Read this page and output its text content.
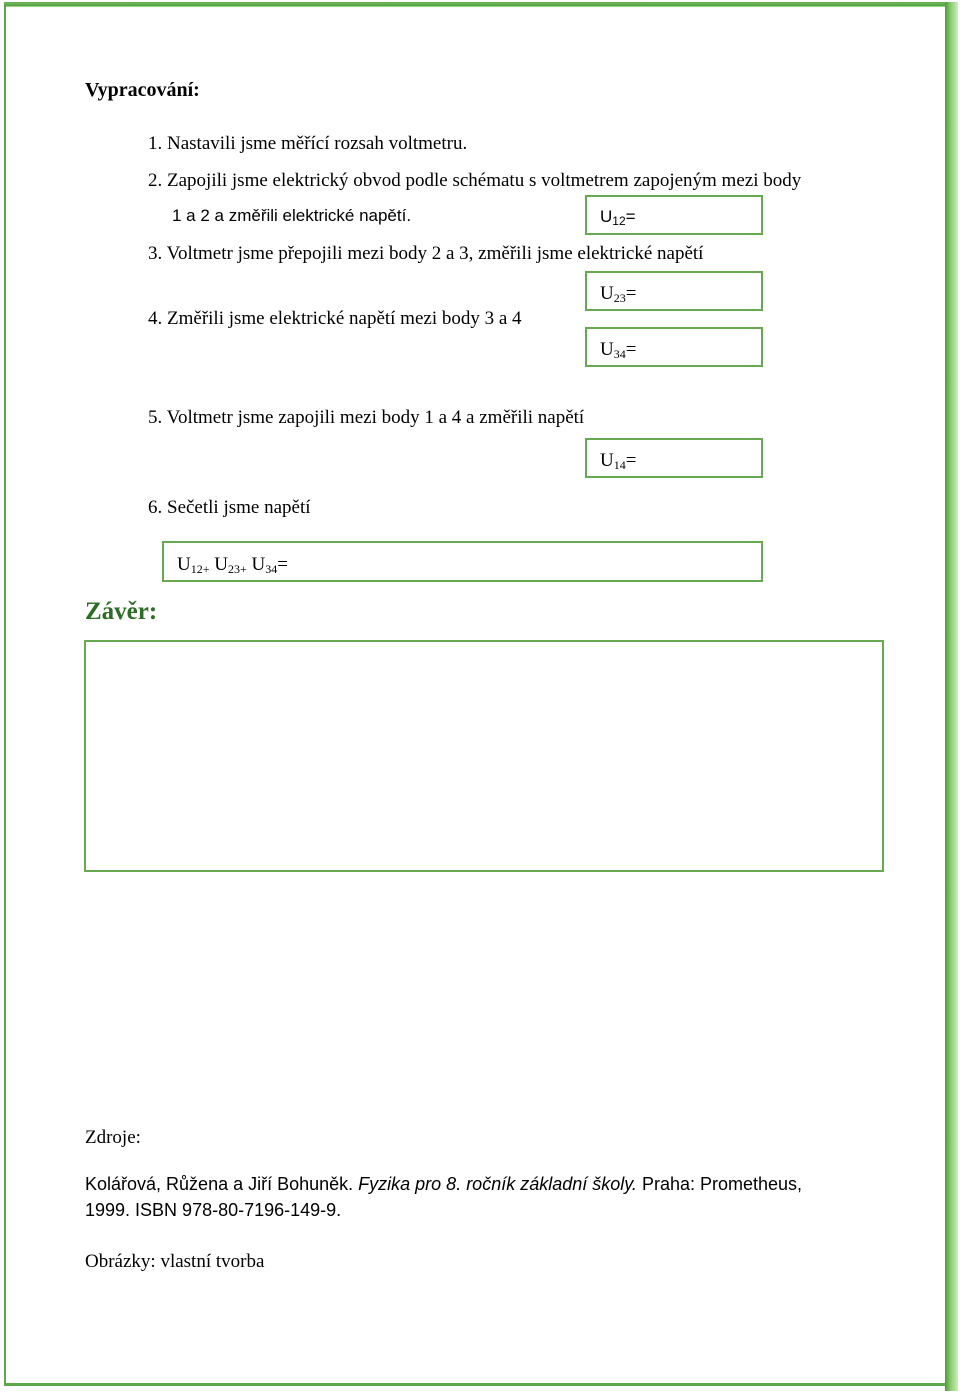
Vypracování:
1. Nastavili jsme měřící rozsah voltmetru.
2. Zapojili jsme elektrický obvod podle schématu s voltmetrem zapojeným mezi body
1 a 2 a změřili elektrické napětí.	$U_{12}=$
3. Voltmetr jsme přepojili mezi body 2 a 3, změřili jsme elektrické napětí
$U_{23}=$
4. Změřili jsme elektrické napětí mezi body 3 a 4
$U_{34}=$
5. Voltmetr jsme zapojili mezi body 1 a 4 a změřili napětí
$U_{14}=$
6. Sečetli jsme napětí
$U_{12+}$ $U_{23+}$ $U_{34}=$
Závěr:
Zdroje:
Kolářová, Růžena a Jiří Bohuněk. Fyzika pro 8. ročník základní školy. Praha: Prometheus,
1999. ISBN 978-80-7196-149-9.
Obrázky: vlastní tvorba
